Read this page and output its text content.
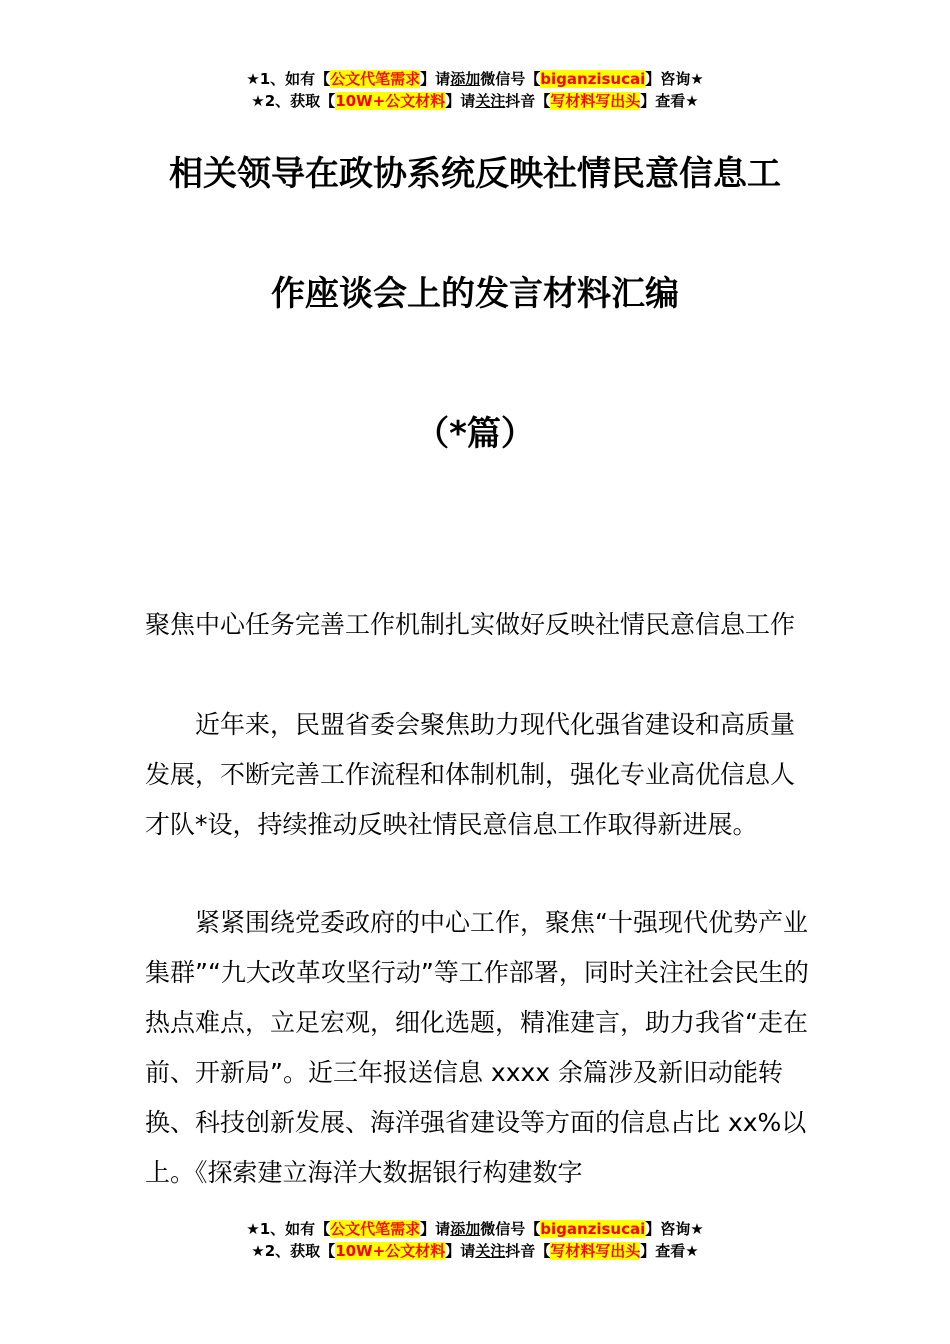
★1、如有【公文代笔需求】请添加微信号【biganzisucai】咨询★
★2、获取【10W+公文材料】请关注抖音【写材料写出头】查看★
相关领导在政协系统反映社情民意信息工
作座谈会上的发言材料汇编
（*篇）

聚焦中心任务完善工作机制扎实做好反映社情民意信息工作

近年来，民盟省委会聚焦助力现代化强省建设和高质量发展，不断完善工作流程和体制机制，强化专业高优信息人才队*设，持续推动反映社情民意信息工作取得新进展。

紧紧围绕党委政府的中心工作，聚焦“十强现代优势产业集群”“九大改革攻坚行动”等工作部署，同时关注社会民生的热点难点，立足宏观，细化选题，精准建言，助力我省“走在前、开新局”。近三年报送信息 xxxx 余篇涉及新旧动能转换、科技创新发展、海洋强省建设等方面的信息占比 xx%以上。《探索建立海洋大数据银行构建数字

★1、如有【公文代笔需求】请添加微信号【biganzisucai】咨询★
★2、获取【10W+公文材料】请关注抖音【写材料写出头】查看★
